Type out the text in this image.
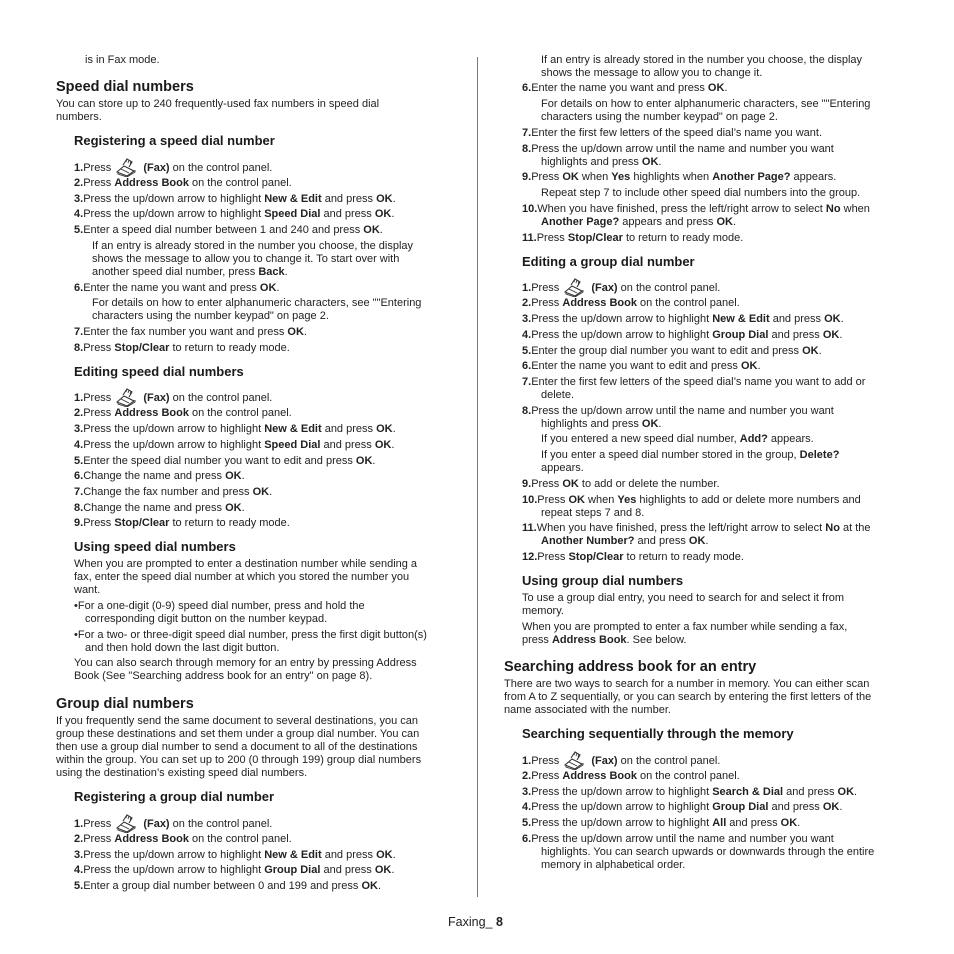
is in Fax mode.

Speed dial numbers

You can store up to 240 frequently-used fax numbers in speed dial

numbers.

Registering a speed dial number

1.Press	(Fax) on the control panel.

2.Press Address Book on the control panel.

3.Press the up/down arrow to highlight New & Edit and press OK.

4.Press the up/down arrow to highlight Speed Dial and press OK.

5.Enter a speed dial number between 1 and 240 and press OK.

If an entry is already stored in the number you choose, the display

shows the message to allow you to change it. To start over with

another speed dial number, press Back.

6.Enter the name you want and press OK.

For details on how to enter alphanumeric characters, see ""Entering

characters using the number keypad" on page 2.

7.Enter the fax number you want and press OK.

8.Press Stop/Clear to return to ready mode.

Editing speed dial numbers

1.Press	(Fax) on the control panel.

2.Press Address Book on the control panel.

3.Press the up/down arrow to highlight New & Edit and press OK.

4.Press the up/down arrow to highlight Speed Dial and press OK.

5.Enter the speed dial number you want to edit and press OK.

6.Change the name and press OK.

7.Change the fax number and press OK.

8.Change the name and press OK.

9.Press Stop/Clear to return to ready mode.

Using speed dial numbers

When you are prompted to enter a destination number while sending a

fax, enter the speed dial number at which you stored the number you

want.

•For a one-digit (0-9) speed dial number, press and hold the

corresponding digit button on the number keypad.

•For a two- or three-digit speed dial number, press the first digit button(s)

and then hold down the last digit button.

You can also search through memory for an entry by pressing Address

Book (See "Searching address book for an entry" on page 8).

Group dial numbers

If you frequently send the same document to several destinations, you can

group these destinations and set them under a group dial number. You can

then use a group dial number to send a document to all of the destinations

within the group. You can set up to 200 (0 through 199) group dial numbers

using the destination’s existing speed dial numbers.

Registering a group dial number

1.Press	(Fax) on the control panel.

2.Press Address Book on the control panel.

3.Press the up/down arrow to highlight New & Edit and press OK.

4.Press the up/down arrow to highlight Group Dial and press OK.

5.Enter a group dial number between 0 and 199 and press OK.

If an entry is already stored in the number you choose, the display

shows the message to allow you to change it.

6.Enter the name you want and press OK.

For details on how to enter alphanumeric characters, see ""Entering

characters using the number keypad" on page 2.

7.Enter the first few letters of the speed dial’s name you want.

8.Press the up/down arrow until the name and number you want

highlights and press OK.

9.Press OK when Yes highlights when Another Page? appears.

Repeat step 7 to include other speed dial numbers into the group.

10.When you have finished, press the left/right arrow to select No when

Another Page? appears and press OK.

11.Press Stop/Clear to return to ready mode.

Editing a group dial number

1.Press	(Fax) on the control panel.

2.Press Address Book on the control panel.

3.Press the up/down arrow to highlight New & Edit and press OK.

4.Press the up/down arrow to highlight Group Dial and press OK.

5.Enter the group dial number you want to edit and press OK.

6.Enter the name you want to edit and press OK.

7.Enter the first few letters of the speed dial’s name you want to add or

delete.

8.Press the up/down arrow until the name and number you want

highlights and press OK.

If you entered a new speed dial number, Add? appears.

If you enter a speed dial number stored in the group, Delete?

appears.

9.Press OK to add or delete the number.

10.Press OK when Yes highlights to add or delete more numbers and

repeat steps 7 and 8.

11.When you have finished, press the left/right arrow to select No at the

Another Number? and press OK.

12.Press Stop/Clear to return to ready mode.

Using group dial numbers

To use a group dial entry, you need to search for and select it from

memory.

When you are prompted to enter a fax number while sending a fax,

press Address Book. See below.

Searching address book for an entry

There are two ways to search for a number in memory. You can either scan

from A to Z sequentially, or you can search by entering the first letters of the

name associated with the number.

Searching sequentially through the memory

1.Press	(Fax) on the control panel.

2.Press Address Book on the control panel.

3.Press the up/down arrow to highlight Search & Dial and press OK.

4.Press the up/down arrow to highlight Group Dial and press OK.

5.Press the up/down arrow to highlight All and press OK.

6.Press the up/down arrow until the name and number you want

highlights. You can search upwards or downwards through the entire

memory in alphabetical order.

Faxing_ 8
